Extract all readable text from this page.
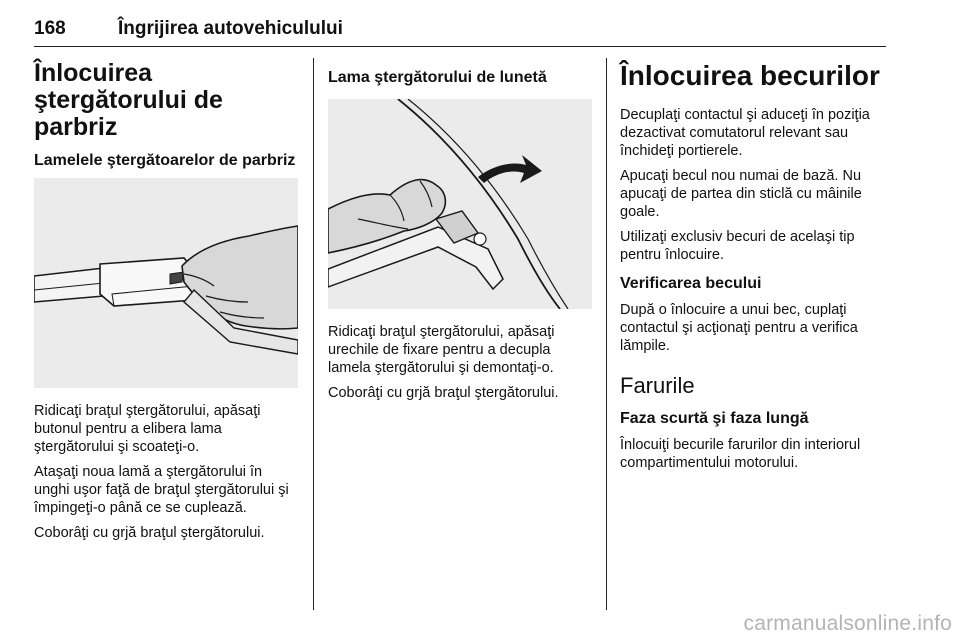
168	Îngrijirea autovehiculului
Înlocuirea ştergătorului de parbriz
Lamelele ştergătoarelor de parbriz

Ridicaţi braţul ştergătorului, apăsaţi butonul pentru a elibera lama ştergătorului şi scoateţi-o.

Ataşaţi noua lamă a ştergătorului în unghi uşor faţă de braţul ştergătorului şi împingeţi-o până ce se cuplează.

Coborâţi cu grjă braţul ştergătorului.

Lama ştergătorului de lunetă

Ridicaţi braţul ştergătorului, apăsaţi urechile de fixare pentru a decupla lamela ştergătorului şi demontaţi-o.

Coborâţi cu grjă braţul ştergătorului.

Înlocuirea becurilor

Decuplaţi contactul şi aduceţi în poziţia dezactivat comutatorul relevant sau închideţi portierele.

Apucaţi becul nou numai de bază. Nu apucaţi de partea din sticlă cu mâinile goale.

Utilizaţi exclusiv becuri de acelaşi tip pentru înlocuire.

Verificarea becului

După o înlocuire a unui bec, cuplaţi contactul şi acţionaţi pentru a verifica lămpile.

Farurile
Faza scurtă şi faza lungă

Înlocuiţi becurile farurilor din interiorul compartimentului motorului.

carmanualsonline.info
